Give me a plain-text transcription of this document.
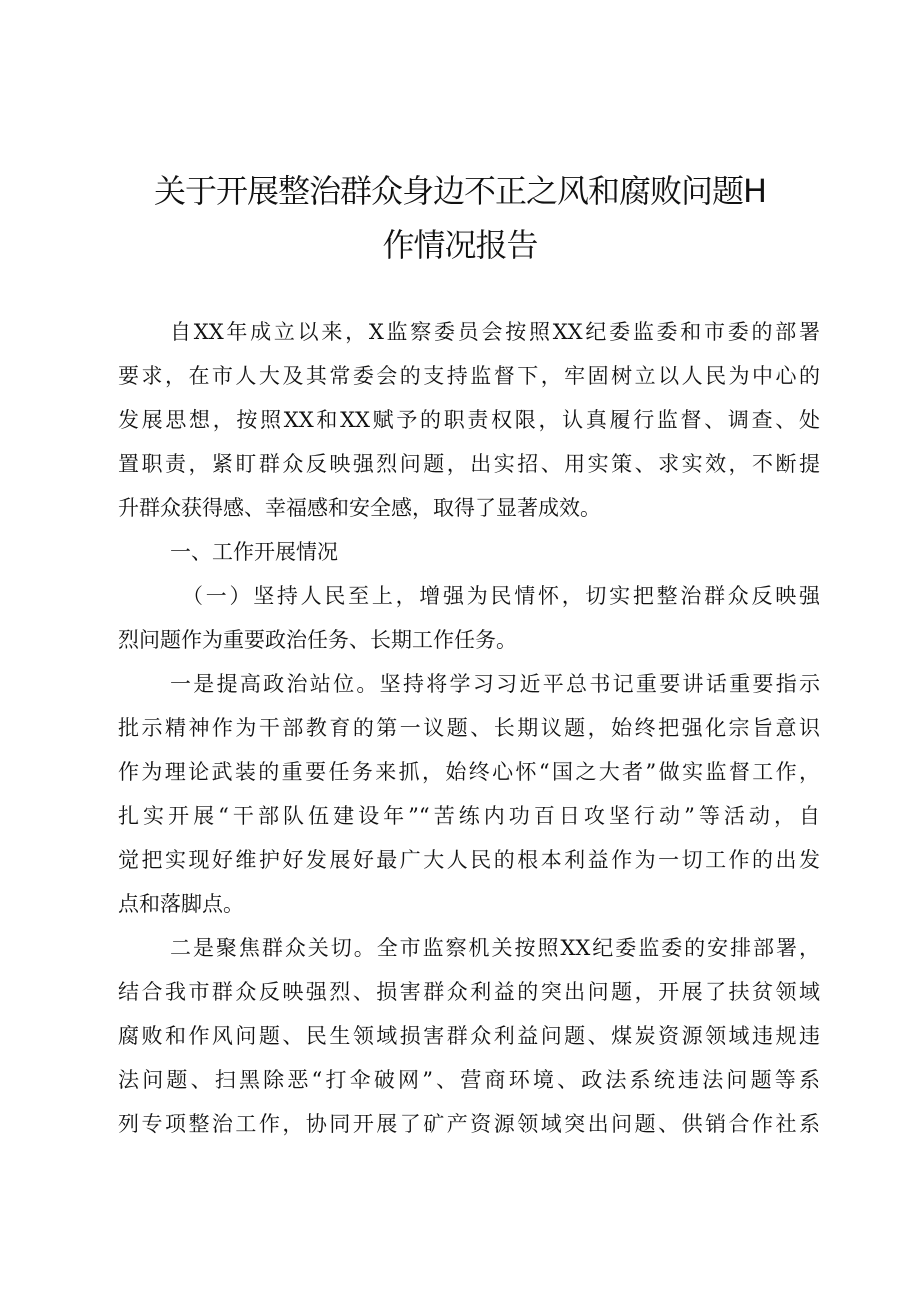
关于开展整治群众身边不正之风和腐败问题H
作情况报告
自XX年成立以来，X监察委员会按照XX纪委监委和市委的部署
要求，在市人大及其常委会的支持监督下，牢固树立以人民为中心的
发展思想，按照XX和XX赋予的职责权限，认真履行监督、调查、处
置职责，紧盯群众反映强烈问题，出实招、用实策、求实效，不断提
升群众获得感、幸福感和安全感，取得了显著成效。
一、工作开展情况
（一）坚持人民至上，增强为民情怀，切实把整治群众反映强
烈问题作为重要政治任务、长期工作任务。
一是提高政治站位。坚持将学习习近平总书记重要讲话重要指示
批示精神作为干部教育的第一议题、长期议题，始终把强化宗旨意识
作为理论武装的重要任务来抓，始终心怀“国之大者”做实监督工作，
扎实开展“干部队伍建设年”“苦练内功百日攻坚行动”等活动，自
觉把实现好维护好发展好最广大人民的根本利益作为一切工作的出发
点和落脚点。
二是聚焦群众关切。全市监察机关按照XX纪委监委的安排部署，
结合我市群众反映强烈、损害群众利益的突出问题，开展了扶贫领域
腐败和作风问题、民生领域损害群众利益问题、煤炭资源领域违规违
法问题、扫黑除恶“打伞破网”、营商环境、政法系统违法问题等系
列专项整治工作，协同开展了矿产资源领域突出问题、供销合作社系
